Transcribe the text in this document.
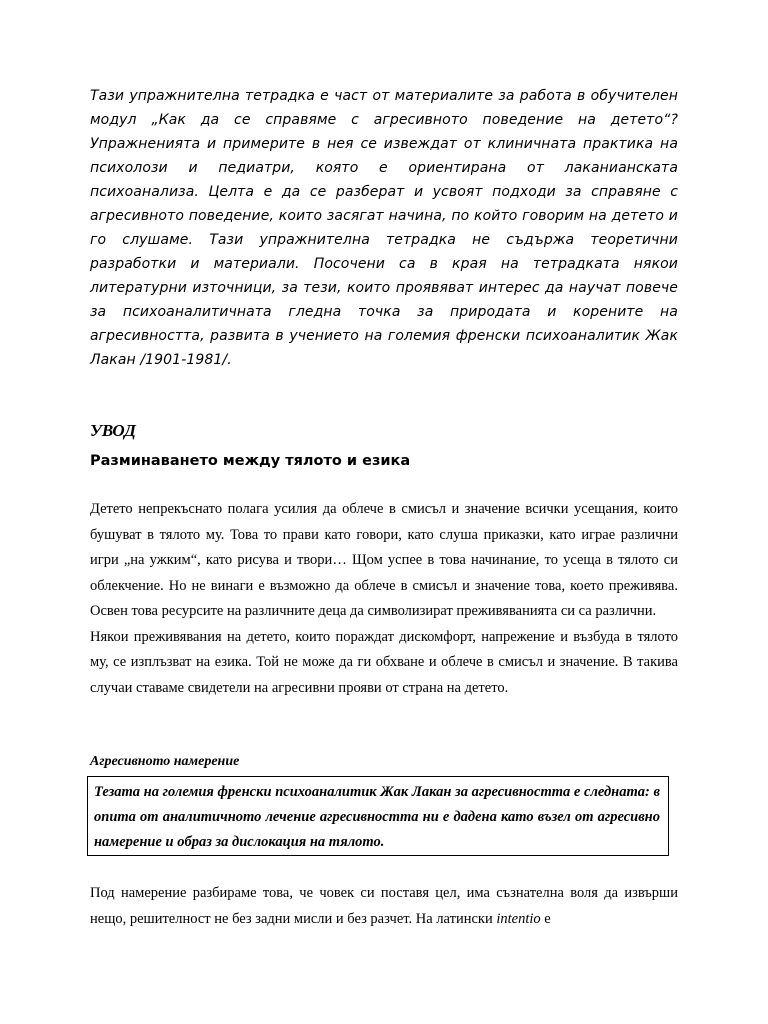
Тази упражнителна тетрадка е част от материалите за работа в обучителен модул „Как да се справяме с агресивното поведение на детето“? Упражненията и примерите в нея се извеждат от клиничната практика на психолози и педиатри, която е ориентирана от лаканианската психоанализа. Целта е да се разберат и усвоят подходи за справяне с агресивното поведение, които засягат начина, по който говорим на детето и го слушаме. Тази упражнителна тетрадка не съдържа теоретични разработки и материали. Посочени са в края на тетрадката някои литературни източници, за тези, които проявяват интерес да научат повече за психоаналитичната гледна точка за природата и корените на агресивността, развита в учението на големия френски психоаналитик Жак Лакан /1901-1981/.
УВОД
Разминаването между тялото и езика

Детето непрекъснато полага усилия да облече в смисъл и значение всички усещания, които бушуват в тялото му. Това то прави като говори, като слуша приказки, като играе различни игри „на ужким“, като рисува и твори… Щом успее в това начинание, то усеща в тялото си облекчение. Но не винаги е възможно да облече в смисъл и значение това, което преживява. Освен това ресурсите на различните деца да символизират преживяванията си са различни.

Някои преживявания на детето, които пораждат дискомфорт, напрежение и възбуда в тялото му, се изплъзват на езика. Той не може да ги обхване и облече в смисъл и значение. В такива случаи ставаме свидетели на агресивни прояви от страна на детето.

Агресивното намерение
Тезата на големия френски психоаналитик Жак Лакан за агресивността е следната: в опита от аналитичното лечение агресивността ни е дадена като възел от агресивно намерение и образ за дислокация на тялото.
Под намерение разбираме това, че човек си поставя цел, има съзнателна воля да извърши нещо, решителност не без задни мисли и без разчет. На латински intentio е
